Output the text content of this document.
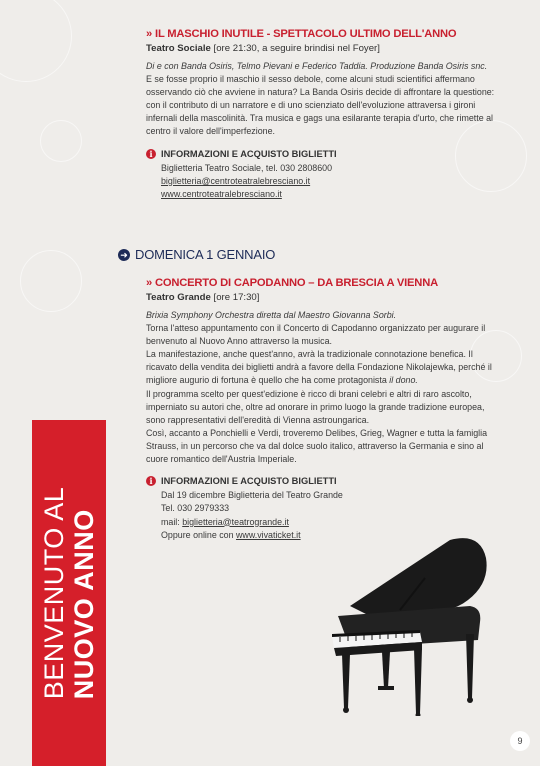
» IL MASCHIO INUTILE - SPETTACOLO ULTIMO DELL'ANNO
Teatro Sociale [ore 21:30, a seguire brindisi nel Foyer]

Di e con Banda Osiris, Telmo Pievani e Federico Taddia. Produzione Banda Osiris snc.

E se fosse proprio il maschio il sesso debole, come alcuni studi scientifici affermano

osservando ciò che avviene in natura? La Banda Osiris decide di affrontare la questione:

con il contributo di un narratore e di uno scienziato dell'evoluzione attraversa i gironi

infernali della mascolinità. Tra musica e gags una esilarante terapia d'urto, che rimette al

centro il valore dell'imperfezione.

i INFORMAZIONI E ACQUISTO BIGLIETTI
Biglietteria Teatro Sociale, tel. 030 2808600
biglietteria@centroteatralebresciano.it
www.centroteatralebresciano.it
➜ DOMENICA 1 GENNAIO
» CONCERTO DI CAPODANNO – DA BRESCIA A VIENNA
Teatro Grande [ore 17:30]

Brixia Symphony Orchestra diretta dal Maestro Giovanna Sorbi.

Torna l'atteso appuntamento con il Concerto di Capodanno organizzato per augurare il

benvenuto al Nuovo Anno attraverso la musica.

La manifestazione, anche quest'anno, avrà la tradizionale connotazione benefica. Il

ricavato della vendita dei biglietti andrà a favore della Fondazione Nikolajewka, perché il

migliore augurio di fortuna è quello che ha come protagonista il dono.

Il programma scelto per quest'edizione è ricco di brani celebri e altri di raro ascolto,

imperniato su autori che, oltre ad onorare in primo luogo la grande tradizione europea,

sono rappresentativi dell'eredità di Vienna astroungarica.

Così, accanto a Ponchielli e Verdi, troveremo Delibes, Grieg, Wagner e tutta la famiglia

Strauss, in un percorso che va dal dolce suolo italico, attraverso la Germania e sino al

cuore romantico dell'Austria Imperiale.

i INFORMAZIONI E ACQUISTO BIGLIETTI
Dal 19 dicembre Biglietteria del Teatro Grande
Tel. 030 2979333
mail: biglietteria@teatrogrande.it
Oppure online con www.vivaticket.it
BENVENUTO AL NUOVO ANNO
9
